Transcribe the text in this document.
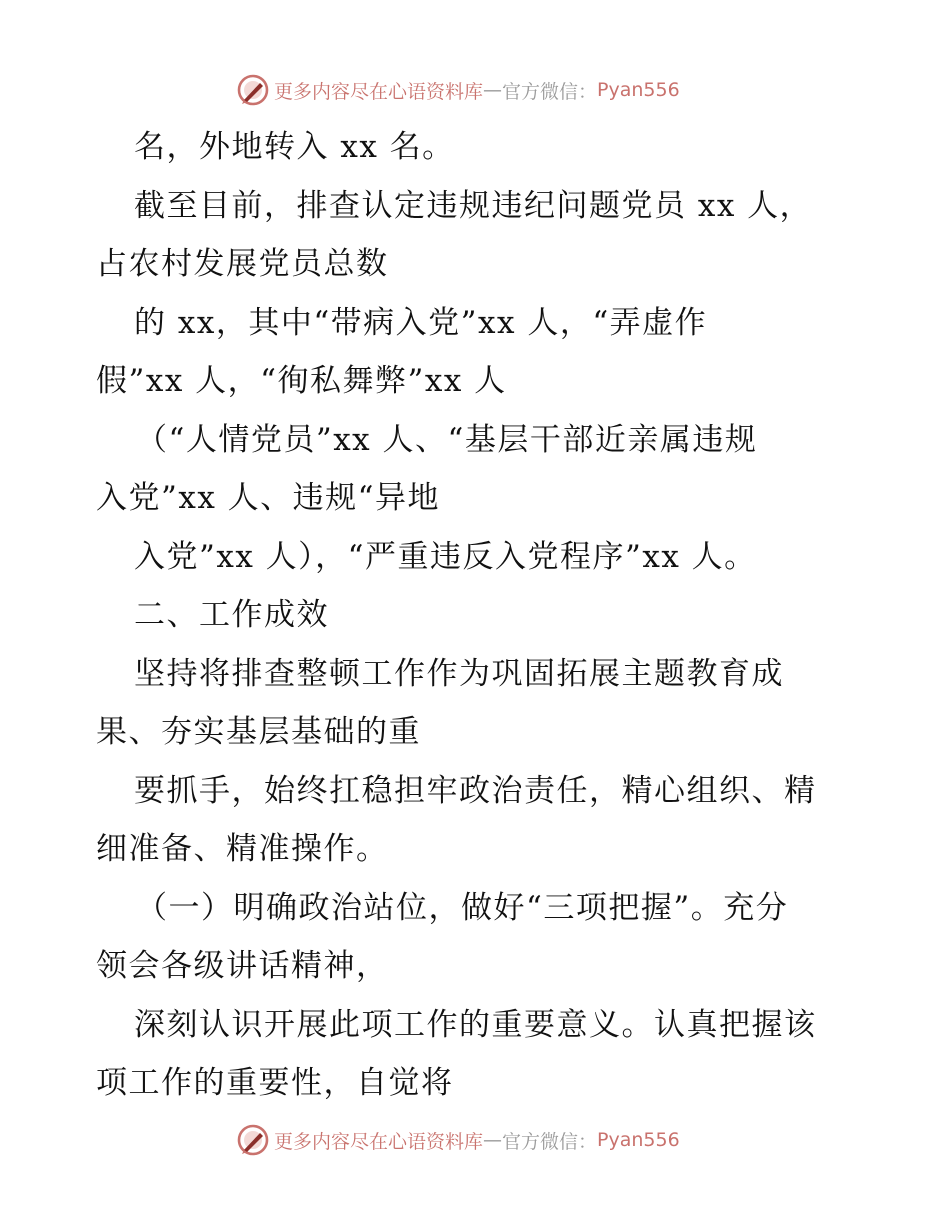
更多内容尽在心语资料库 — 官方微信： Pyan556
名，外地转入 xx 名。
截至目前，排查认定违规违纪问题党员 xx 人，
占农村发展党员总数
的 xx，其中“带病入党”xx 人，“弄虚作
假”xx 人，“徇私舞弊”xx 人
（“人情党员”xx 人、“基层干部近亲属违规
入党”xx 人、违规“异地
入党”xx 人），“严重违反入党程序”xx 人。
二、工作成效
坚持将排查整顿工作作为巩固拓展主题教育成
果、夯实基层基础的重
要抓手，始终扛稳担牢政治责任，精心组织、精
细准备、精准操作。
（一）明确政治站位，做好“三项把握”。充分
领会各级讲话精神，
深刻认识开展此项工作的重要意义。认真把握该
项工作的重要性，自觉将
更多内容尽在心语资料库 — 官方微信： Pyan556
